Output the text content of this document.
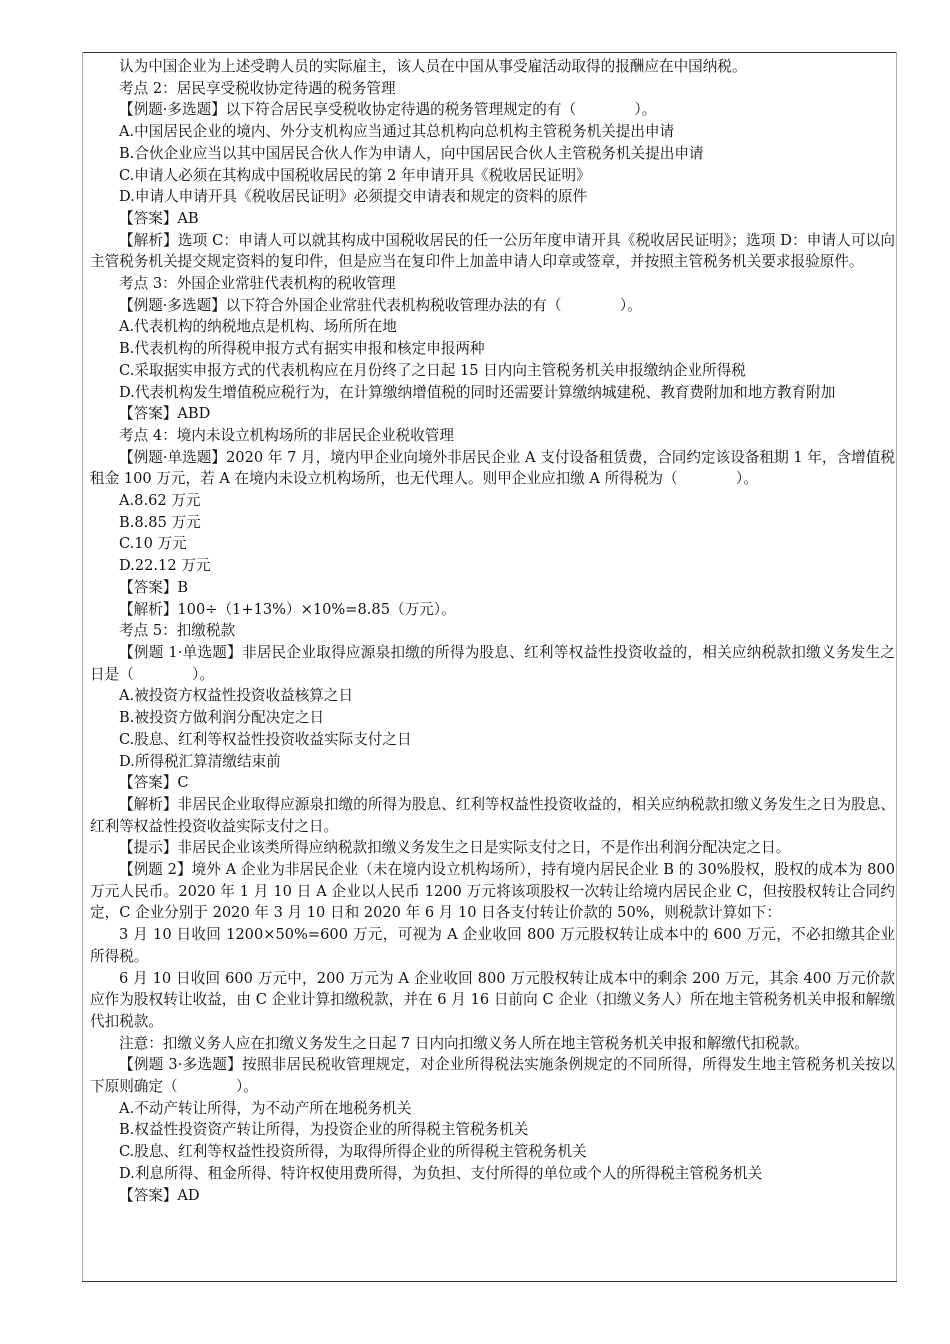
认为中国企业为上述受聘人员的实际雇主，该人员在中国从事受雇活动取得的报酬应在中国纳税。
考点 2：居民享受税收协定待遇的税务管理
【例题·多选题】以下符合居民享受税收协定待遇的税务管理规定的有（　　　　）。
A.中国居民企业的境内、外分支机构应当通过其总机构向总机构主管税务机关提出申请
B.合伙企业应当以其中国居民合伙人作为申请人，向中国居民合伙人主管税务机关提出申请
C.申请人必须在其构成中国税收居民的第 2 年申请开具《税收居民证明》
D.申请人申请开具《税收居民证明》必须提交申请表和规定的资料的原件
【答案】AB
【解析】选项 C：申请人可以就其构成中国税收居民的任一公历年度申请开具《税收居民证明》；选项 D：申请人可以向主管税务机关提交规定资料的复印件，但是应当在复印件上加盖申请人印章或签章，并按照主管税务机关要求报验原件。
考点 3：外国企业常驻代表机构的税收管理
【例题·多选题】以下符合外国企业常驻代表机构税收管理办法的有（　　　　）。
A.代表机构的纳税地点是机构、场所所在地
B.代表机构的所得税申报方式有据实申报和核定申报两种
C.采取据实申报方式的代表机构应在月份终了之日起 15 日内向主管税务机关申报缴纳企业所得税
D.代表机构发生增值税应税行为，在计算缴纳增值税的同时还需要计算缴纳城建税、教育费附加和地方教育附加
【答案】ABD
考点 4：境内未设立机构场所的非居民企业税收管理
【例题·单选题】2020 年 7 月，境内甲企业向境外非居民企业 A 支付设备租赁费，合同约定该设备租期 1 年，含增值税租金 100 万元，若 A 在境内未设立机构场所，也无代理人。则甲企业应扣缴 A 所得税为（　　　　）。
A.8.62 万元
B.8.85 万元
C.10 万元
D.22.12 万元
【答案】B
【解析】100÷（1+13%）×10%=8.85（万元）。
考点 5：扣缴税款
【例题 1·单选题】非居民企业取得应源泉扣缴的所得为股息、红利等权益性投资收益的，相关应纳税款扣缴义务发生之日是（　　　　）。
A.被投资方权益性投资收益核算之日
B.被投资方做利润分配决定之日
C.股息、红利等权益性投资收益实际支付之日
D.所得税汇算清缴结束前
【答案】C
【解析】非居民企业取得应源泉扣缴的所得为股息、红利等权益性投资收益的，相关应纳税款扣缴义务发生之日为股息、红利等权益性投资收益实际支付之日。
【提示】非居民企业该类所得应纳税款扣缴义务发生之日是实际支付之日，不是作出利润分配决定之日。
【例题 2】境外 A 企业为非居民企业（未在境内设立机构场所），持有境内居民企业 B 的 30%股权，股权的成本为 800 万元人民币。2020 年 1 月 10 日 A 企业以人民币 1200 万元将该项股权一次转让给境内居民企业 C，但按股权转让合同约定，C 企业分别于 2020 年 3 月 10 日和 2020 年 6 月 10 日各支付转让价款的 50%，则税款计算如下：
3 月 10 日收回 1200×50%=600 万元，可视为 A 企业收回 800 万元股权转让成本中的 600 万元，不必扣缴其企业所得税。
6 月 10 日收回 600 万元中，200 万元为 A 企业收回 800 万元股权转让成本中的剩余 200 万元，其余 400 万元价款应作为股权转让收益，由 C 企业计算扣缴税款，并在 6 月 16 日前向 C 企业（扣缴义务人）所在地主管税务机关申报和解缴代扣税款。
注意：扣缴义务人应在扣缴义务发生之日起 7 日内向扣缴义务人所在地主管税务机关申报和解缴代扣税款。
【例题 3·多选题】按照非居民税收管理规定，对企业所得税法实施条例规定的不同所得，所得发生地主管税务机关按以下原则确定（　　　　）。
A.不动产转让所得，为不动产所在地税务机关
B.权益性投资资产转让所得，为投资企业的所得税主管税务机关
C.股息、红利等权益性投资所得，为取得所得企业的所得税主管税务机关
D.利息所得、租金所得、特许权使用费所得，为负担、支付所得的单位或个人的所得税主管税务机关
【答案】AD
